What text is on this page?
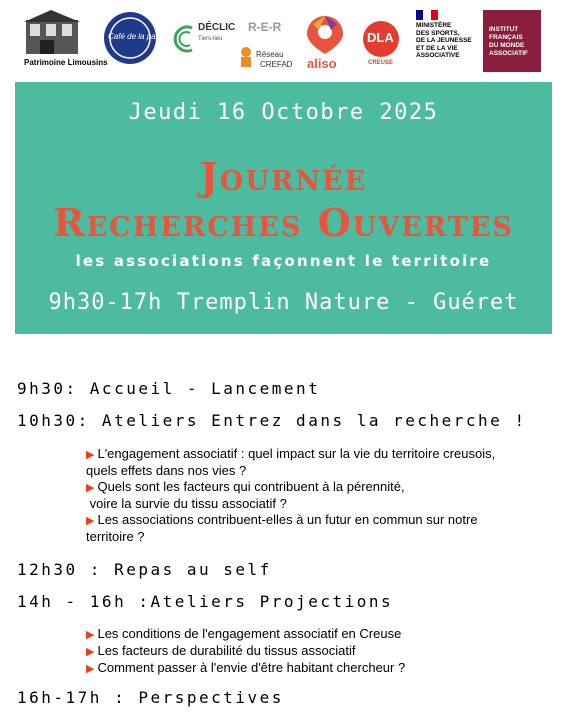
Patrimoine Limousins
Café de la part
DÉCLIC
Tiers-lieu
R-E-R
Réseau
CREFAD aliso
DLA
CREUSE
MINISTÈRE
DES SPORTS,
DE LA JEUNESSE
ET DE LA VIE
ASSOCIATIVE
INSTITUT
FRANÇAIS
DU MONDE
ASSOCIATIF
Jeudi 16 Octobre 2025
Journée
Recherches Ouvertes
les associations façonnent le territoire
9h30-17h Tremplin Nature - Guéret
9h30: Accueil - Lancement
10h30: Ateliers Entrez dans la recherche !

▶ L'engagement associatif : quel impact sur la vie du territoire creusois,

quels effets dans nos vies ?

▶ Quels sont les facteurs qui contribuent à la pérennité,

voire la survie du tissu associatif ?

▶ Les associations contribuent-elles à un futur en commun sur notre

territoire ?

12h30 : Repas au self
14h - 16h :Ateliers Projections

▶ Les conditions de l'engagement associatif en Creuse

▶ Les facteurs de durabilité du tissus associatif

▶ Comment passer à l'envie d'être habitant chercheur ?

16h-17h : Perspectives
